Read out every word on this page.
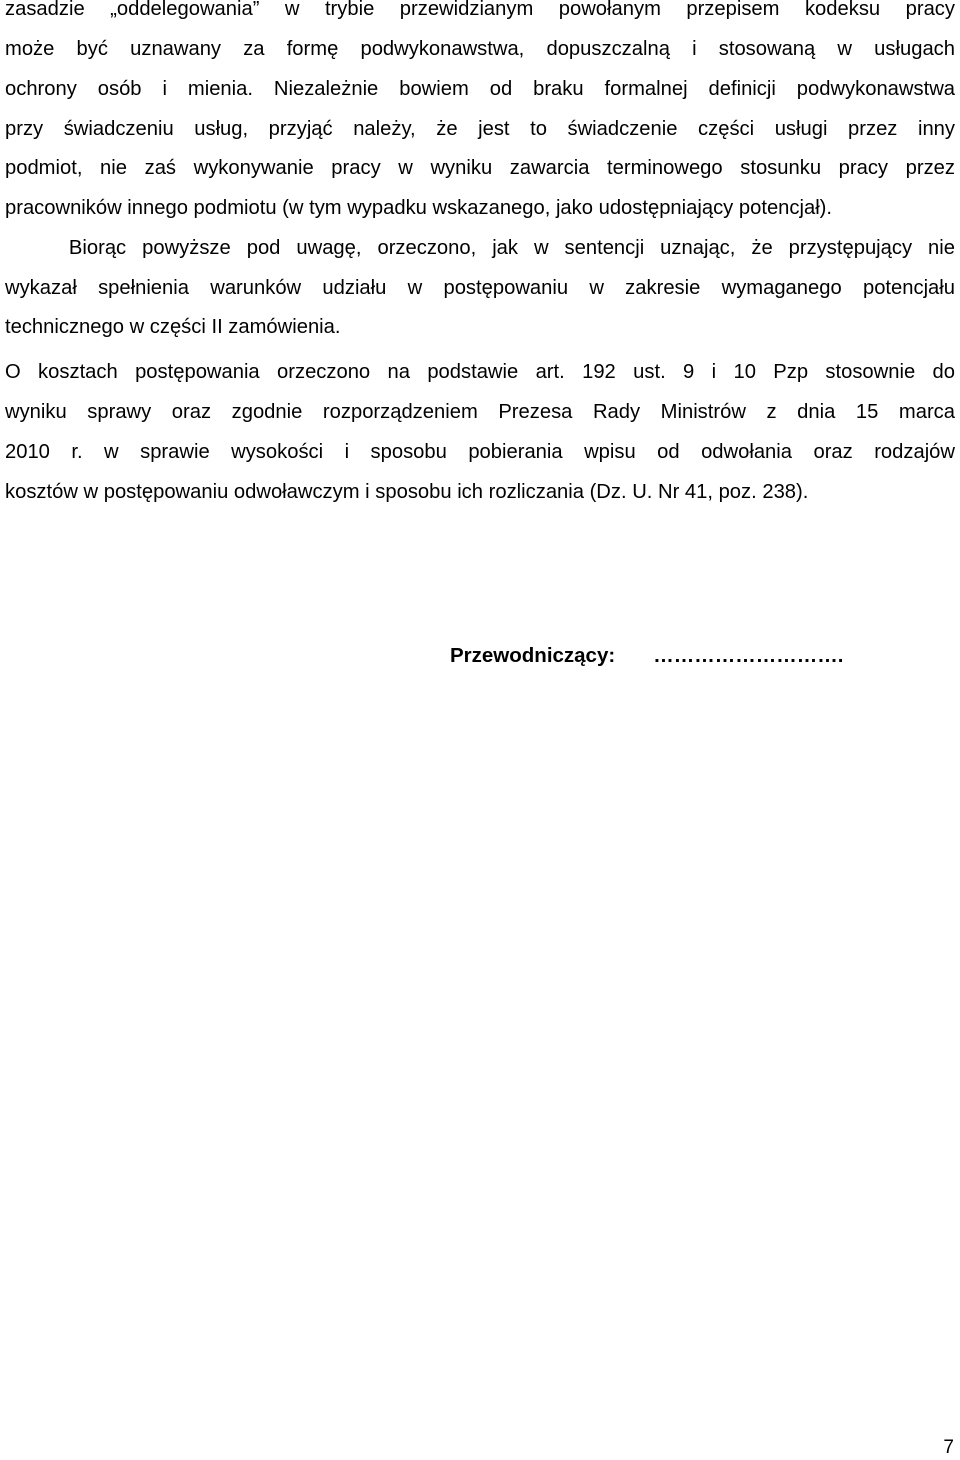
zasadzie „oddelegowania” w trybie przewidzianym powołanym przepisem kodeksu pracy

może być uznawany za formę podwykonawstwa, dopuszczalną i stosowaną w usługach

ochrony osób i mienia. Niezależnie bowiem od braku formalnej definicji podwykonawstwa

przy świadczeniu usług, przyjąć należy, że jest to świadczenie części usługi przez inny

podmiot, nie zaś wykonywanie pracy w wyniku zawarcia terminowego stosunku pracy przez

pracowników innego podmiotu (w tym wypadku wskazanego, jako udostępniający potencjał).

Biorąc powyższe pod uwagę, orzeczono, jak w sentencji uznając, że przystępujący nie

wykazał spełnienia warunków udziału w postępowaniu w zakresie wymaganego potencjału

technicznego w części II zamówienia.

O kosztach postępowania orzeczono na podstawie art. 192 ust. 9 i 10 Pzp stosownie do

wyniku sprawy oraz zgodnie rozporządzeniem Prezesa Rady Ministrów z dnia 15 marca

2010 r. w sprawie wysokości i sposobu pobierania wpisu od odwołania oraz rodzajów

kosztów w postępowaniu odwoławczym i sposobu ich rozliczania (Dz. U. Nr 41, poz. 238).

Przewodniczący: ……………………….
7
